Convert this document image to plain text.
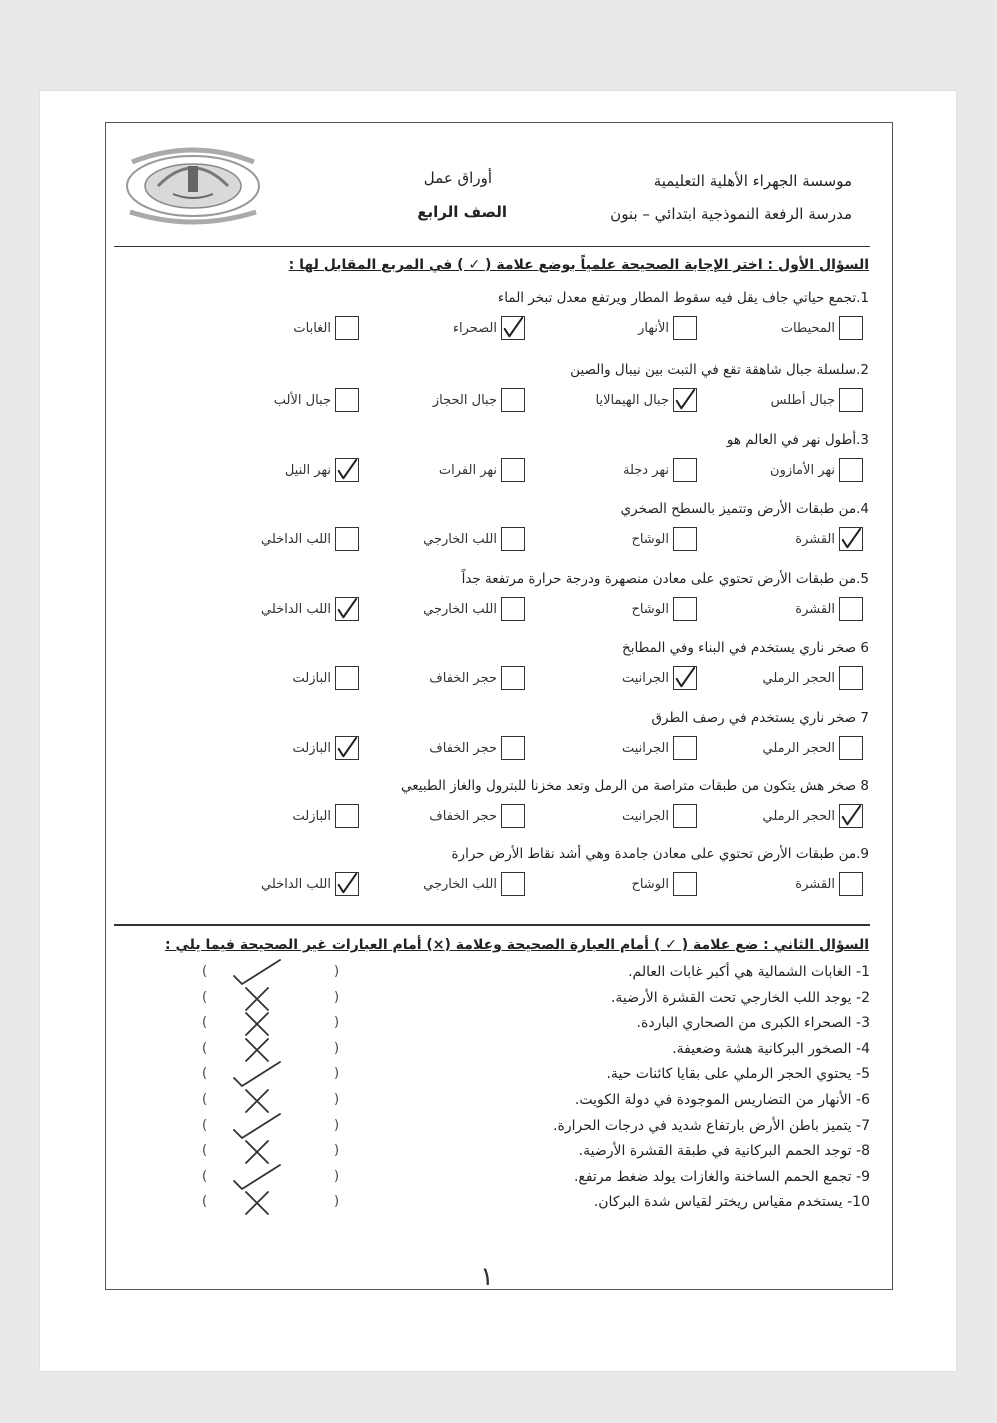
موسسة الجهراء الأهلية التعليمية
مدرسة الرفعة النموذجية ابتدائي – بنون
أوراق عمل
الصف الرابع
السؤال الأول : اختر الإجابة الصحيحة علمياً بوضع علامة ( ✓ ) في المربع المقابل لها :
1.تجمع حياتي جاف يقل فيه سقوط المطار ويرتفع معدل تبخر الماء
المحيطات
الأنهار
الصحراء
الغابات
2.سلسلة جبال شاهقة تقع في التبت بين نيبال والصين
جبال أطلس
جبال الهيمالايا
جبال الحجاز
جبال الألب
3.أطول نهر في العالم هو
نهر الأمازون
نهر دجلة
نهر الفرات
نهر النيل
4.من طبقات الأرض وتتميز بالسطح الصخري
القشرة
الوشاح
اللب الخارجي
اللب الداخلي
5.من طبقات الأرض تحتوي على معادن منصهرة ودرجة حرارة مرتفعة جداً
القشرة
الوشاح
اللب الخارجي
اللب الداخلي
6 صخر ناري يستخدم في البناء وفي المطابخ
الحجر الرملي
الجرانيت
حجر الخفاف
البازلت
7 صخر ناري يستخدم في رصف الطرق
الحجر الرملي
الجرانيت
حجر الخفاف
البازلت
8 صخر هش يتكون من طبقات متراصة من الرمل وتعد مخزنا للبترول والغاز الطبيعي
الحجر الرملي
الجرانيت
حجر الخفاف
البازلت
9.من طبقات الأرض تحتوي على معادن جامدة وهي أشد نقاط الأرض حرارة
القشرة
الوشاح
اللب الخارجي
اللب الداخلي
السؤال الثاني : ضع علامة ( ✓ ) أمام العبارة الصحيحة وعلامة (×) أمام العبارات غير الصحيحة فيما يلي :
1- الغابات الشمالية هي أكبر غابات العالم.
(	)
2- يوجد اللب الخارجي تحت القشرة الأرضية.
(	)
3- الصحراء الكبرى من الصحاري الباردة.
(	)
4- الصخور البركانية هشة وضعيفة.
(	)
5- يحتوي الحجر الرملي على بقايا كائنات حية.
(	)
6- الأنهار من التضاريس الموجودة في دولة الكويت.
(	)
7- يتميز باطن الأرض بارتفاع شديد في درجات الحرارة.
(	)
8- توجد الحمم البركانية في طبقة القشرة الأرضية.
(	)
9- تجمع الحمم الساخنة والغازات يولد ضغط مرتفع.
(	)
10- يستخدم مقياس ريختر لقياس شدة البركان.
(	)
١
